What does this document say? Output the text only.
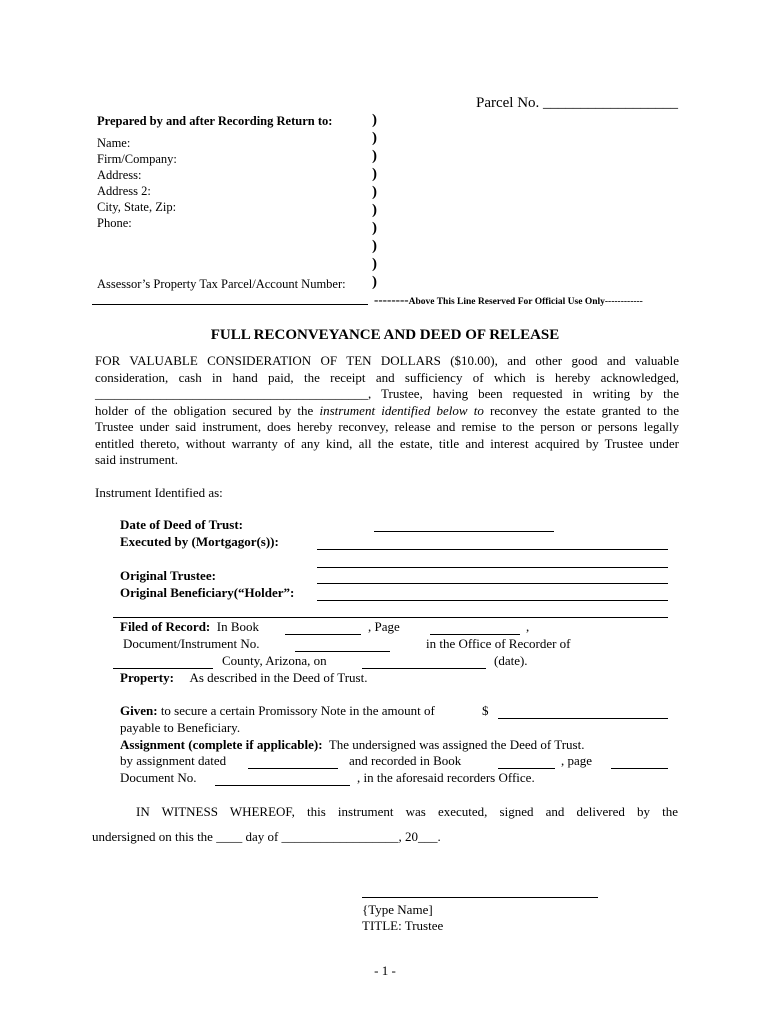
Parcel No. __________________
Prepared by and after Recording Return to:
Name:
Firm/Company:
Address:
Address 2:
City, State, Zip:
Phone:
Assessor’s Property Tax Parcel/Account Number:
)
)
)
)
)
)
)
)
)
)
--------Above This Line Reserved For Official Use Only------------
FULL RECONVEYANCE AND DEED OF RELEASE
FOR VALUABLE CONSIDERATION OF TEN DOLLARS ($10.00), and other good and valuable
consideration, cash in hand paid, the receipt and sufficiency of which is hereby acknowledged,
__________________________________________, Trustee, having been requested in writing by the
holder of the obligation secured by the instrument identified below to reconvey the estate granted to the
Trustee under said instrument, does hereby reconvey, release and remise to the person or persons legally
entitled thereto, without warranty of any kind, all the estate, title and interest acquired by Trustee under
said instrument.
Instrument Identified as:
Date of Deed of Trust:
Executed by (Mortgagor(s)):
Original Trustee:
Original Beneficiary(“Holder”:
Filed of Record: In Book	, Page	,
Document/Instrument No.	in the Office of Recorder of
County, Arizona, on	(date).
Property: As described in the Deed of Trust.
Given: to secure a certain Promissory Note in the amount of	$
payable to Beneficiary.
Assignment (complete if applicable): The undersigned was assigned the Deed of Trust.
by assignment dated	and recorded in Book	, page
Document No.	, in the aforesaid recorders Office.
IN WITNESS WHEREOF, this instrument was executed, signed and delivered by the
undersigned on this the ____ day of __________________, 20___.
{Type Name]
TITLE: Trustee
- 1 -
